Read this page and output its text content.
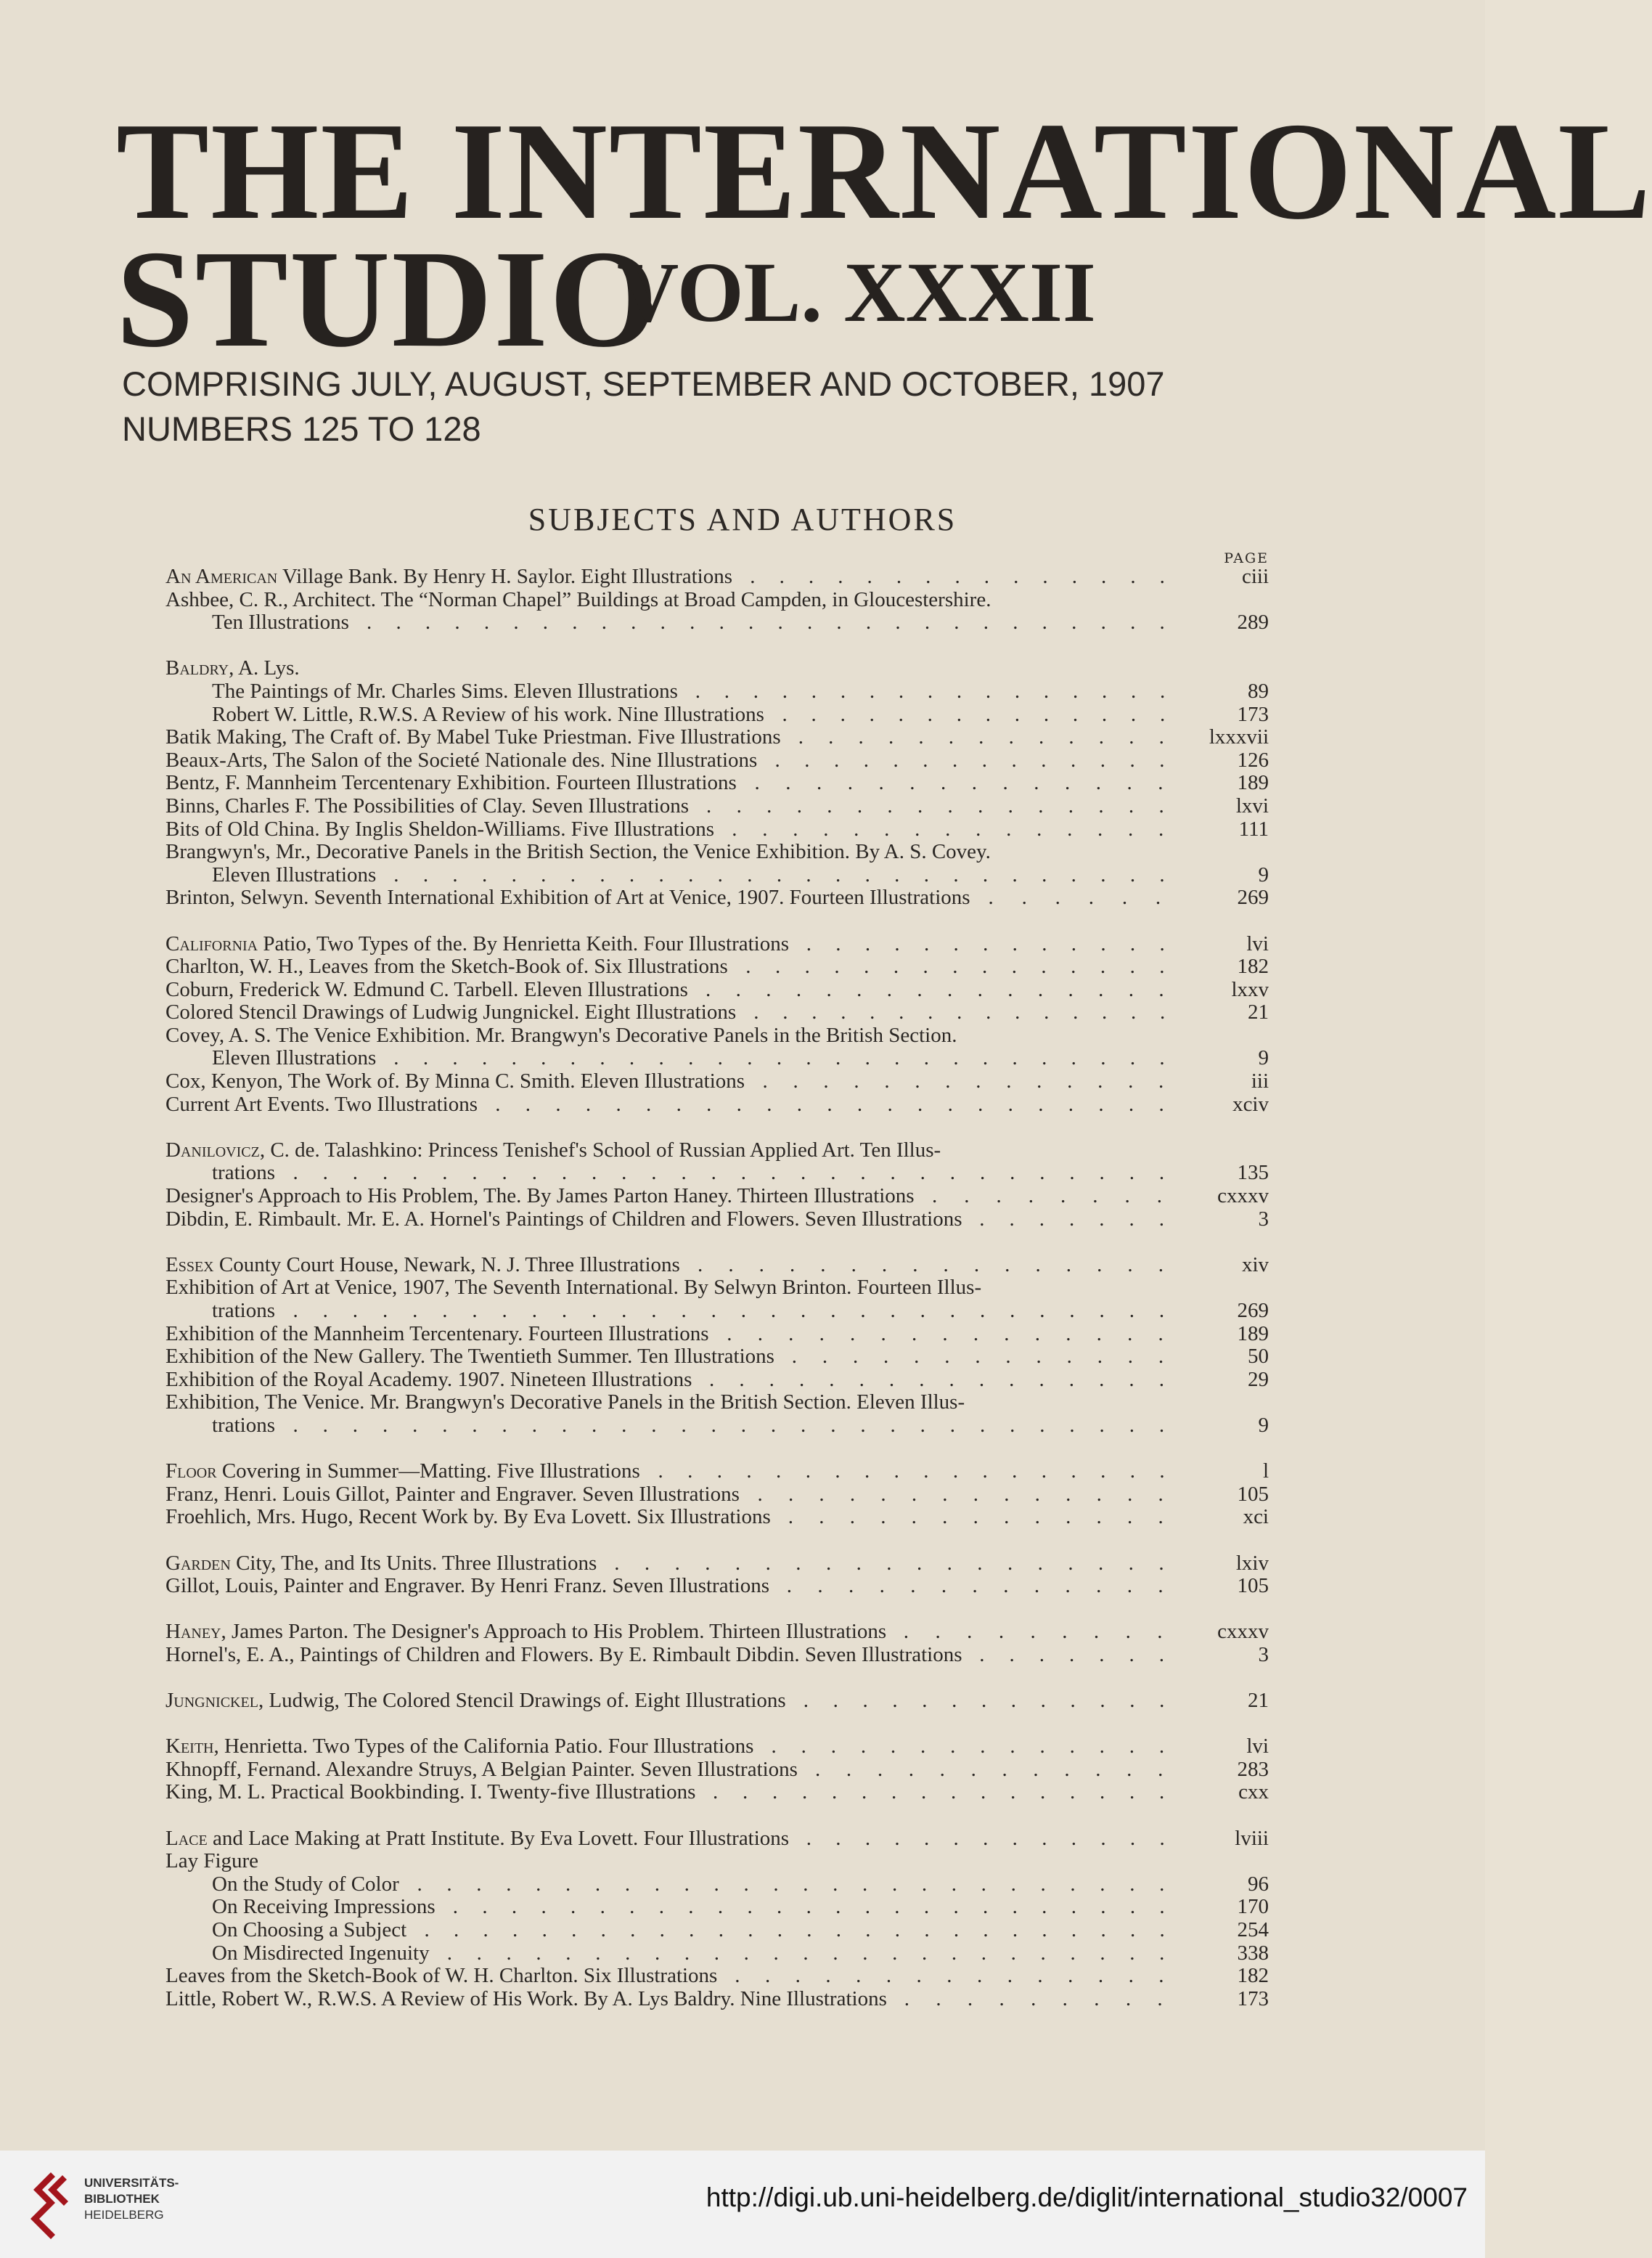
THE INTERNATIONAL
STUDIO
VOL. XXXII
COMPRISING JULY, AUGUST, SEPTEMBER AND OCTOBER, 1907
NUMBERS 125 TO 128
SUBJECTS AND AUTHORS
PAGE
An American Village Bank. By Henry H. Saylor. Eight Illustrations	ciii
...............
Ashbee, C. R., Architect. The “Norman Chapel” Buildings at Broad Campden, in Gloucestershire.
Ten Illustrations	289
............................
Baldry, A. Lys.
The Paintings of Mr. Charles Sims. Eleven Illustrations	89
.................
Robert W. Little, R.W.S. A Review of his work. Nine Illustrations	173
..............
Batik Making, The Craft of. By Mabel Tuke Priestman. Five Illustrations	lxxxvii
.............
Beaux-Arts, The Salon of the Societé Nationale des. Nine Illustrations	126
..............
Bentz, F. Mannheim Tercentenary Exhibition. Fourteen Illustrations	189
..............
Binns, Charles F. The Possibilities of Clay. Seven Illustrations	lxvi
................
Bits of Old China. By Inglis Sheldon-Williams. Five Illustrations	111
...............
Brangwyn's, Mr., Decorative Panels in the British Section, the Venice Exhibition. By A. S. Covey.
Eleven Illustrations	9
...........................
Brinton, Selwyn. Seventh International Exhibition of Art at Venice, 1907. Fourteen Illustrations	269
......
California Patio, Two Types of the. By Henrietta Keith. Four Illustrations	lvi
.............
Charlton, W. H., Leaves from the Sketch-Book of. Six Illustrations	182
...............
Coburn, Frederick W. Edmund C. Tarbell. Eleven Illustrations	lxxv
................
Colored Stencil Drawings of Ludwig Jungnickel. Eight Illustrations	21
...............
Covey, A. S. The Venice Exhibition. Mr. Brangwyn's Decorative Panels in the British Section.
Eleven Illustrations	9
...........................
Cox, Kenyon, The Work of. By Minna C. Smith. Eleven Illustrations	iii
..............
Current Art Events. Two Illustrations	xciv
.......................
Danilovicz, C. de. Talashkino: Princess Tenishef's School of Russian Applied Art. Ten Illus-
trations	135
..............................
Designer's Approach to His Problem, The. By James Parton Haney. Thirteen Illustrations	cxxxv
........
Dibdin, E. Rimbault. Mr. E. A. Hornel's Paintings of Children and Flowers. Seven Illustrations	3
.......
Essex County Court House, Newark, N. J. Three Illustrations	xiv
................
Exhibition of Art at Venice, 1907, The Seventh International. By Selwyn Brinton. Fourteen Illus-
trations	269
..............................
Exhibition of the Mannheim Tercentenary. Fourteen Illustrations	189
...............
Exhibition of the New Gallery. The Twentieth Summer. Ten Illustrations	50
.............
Exhibition of the Royal Academy. 1907. Nineteen Illustrations	29
................
Exhibition, The Venice. Mr. Brangwyn's Decorative Panels in the British Section. Eleven Illus-
trations	9
..............................
Floor Covering in Summer—Matting. Five Illustrations	l
..................
Franz, Henri. Louis Gillot, Painter and Engraver. Seven Illustrations	105
..............
Froehlich, Mrs. Hugo, Recent Work by. By Eva Lovett. Six Illustrations	xci
.............
Garden City, The, and Its Units. Three Illustrations	lxiv
...................
Gillot, Louis, Painter and Engraver. By Henri Franz. Seven Illustrations	105
.............
Haney, James Parton. The Designer's Approach to His Problem. Thirteen Illustrations	cxxxv
.........
Hornel's, E. A., Paintings of Children and Flowers. By E. Rimbault Dibdin. Seven Illustrations	3
.......
Jungnickel, Ludwig, The Colored Stencil Drawings of. Eight Illustrations	21
.............
Keith, Henrietta. Two Types of the California Patio. Four Illustrations	lvi
..............
Khnopff, Fernand. Alexandre Struys, A Belgian Painter. Seven Illustrations	283
............
King, M. L. Practical Bookbinding. I. Twenty-five Illustrations	cxx
................
Lace and Lace Making at Pratt Institute. By Eva Lovett. Four Illustrations	lviii
.............
Lay Figure
On the Study of Color	96
..........................
On Receiving Impressions	170
.........................
On Choosing a Subject	254
..........................
On Misdirected Ingenuity	338
.........................
Leaves from the Sketch-Book of W. H. Charlton. Six Illustrations	182
...............
Little, Robert W., R.W.S. A Review of His Work. By A. Lys Baldry. Nine Illustrations	173
.........
UNIVERSITÄTS-
BIBLIOTHEK
HEIDELBERG
http://digi.ub.uni-heidelberg.de/diglit/international_studio32/0007
